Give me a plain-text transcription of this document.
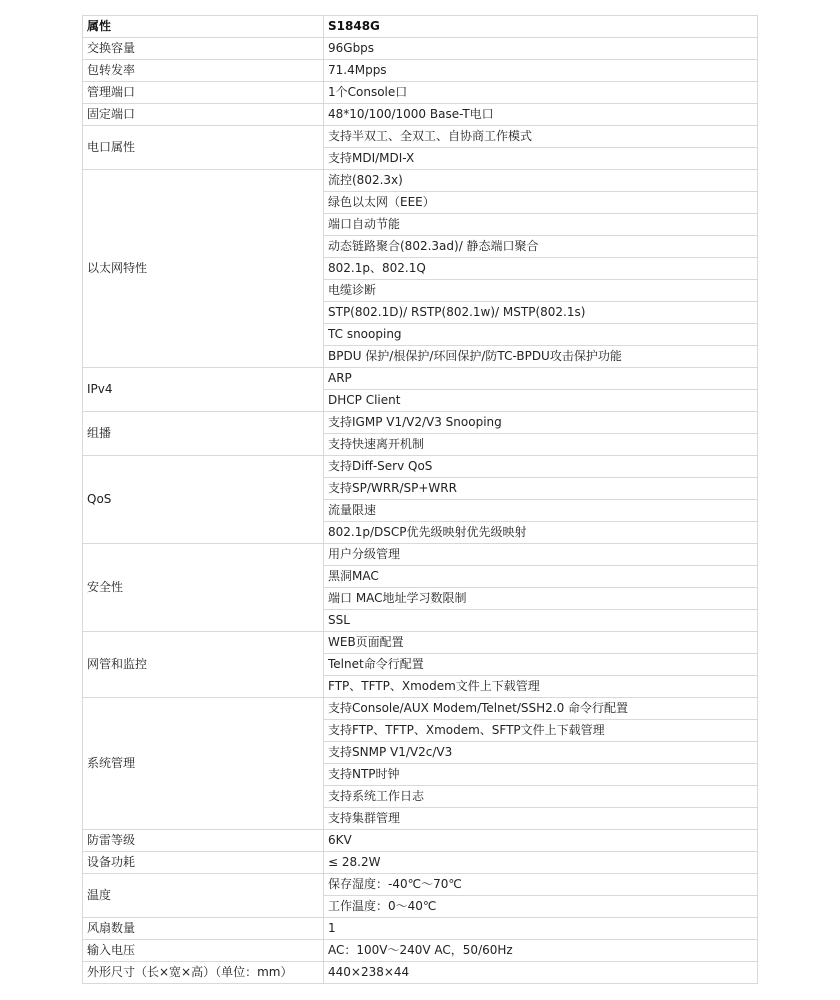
属性	S1848G
交换容量	96Gbps
包转发率	71.4Mpps
管理端口	1个Console口
固定端口	48*10/100/1000 Base-T电口
电口属性	支持半双工、全双工、自协商工作模式
	支持MDI/MDI-X
以太网特性	流控(802.3x)
	绿色以太网（EEE）
	端口自动节能
	动态链路聚合(802.3ad)/ 静态端口聚合
	802.1p、802.1Q
	电缆诊断
	STP(802.1D)/ RSTP(802.1w)/ MSTP(802.1s)
	TC snooping
	BPDU 保护/根保护/环回保护/防TC-BPDU攻击保护功能
IPv4	ARP
	DHCP Client
组播	支持IGMP V1/V2/V3 Snooping
	支持快速离开机制
QoS	支持Diff-Serv QoS
	支持SP/WRR/SP+WRR
	流量限速
	802.1p/DSCP优先级映射优先级映射
安全性	用户分级管理
	黑洞MAC
	端口 MAC地址学习数限制
	SSL
网管和监控	WEB页面配置
	Telnet命令行配置
	FTP、TFTP、Xmodem文件上下载管理
系统管理	支持Console/AUX Modem/Telnet/SSH2.0 命令行配置
	支持FTP、TFTP、Xmodem、SFTP文件上下载管理
	支持SNMP V1/V2c/V3
	支持NTP时钟
	支持系统工作日志
	支持集群管理
防雷等级	6KV
设备功耗	≤ 28.2W
温度	保存湿度：-40℃～70℃
	工作温度：0～40℃
风扇数量	1
输入电压	AC：100V～240V AC，50/60Hz
外形尺寸（长×宽×高）（单位：mm）	440×238×44
